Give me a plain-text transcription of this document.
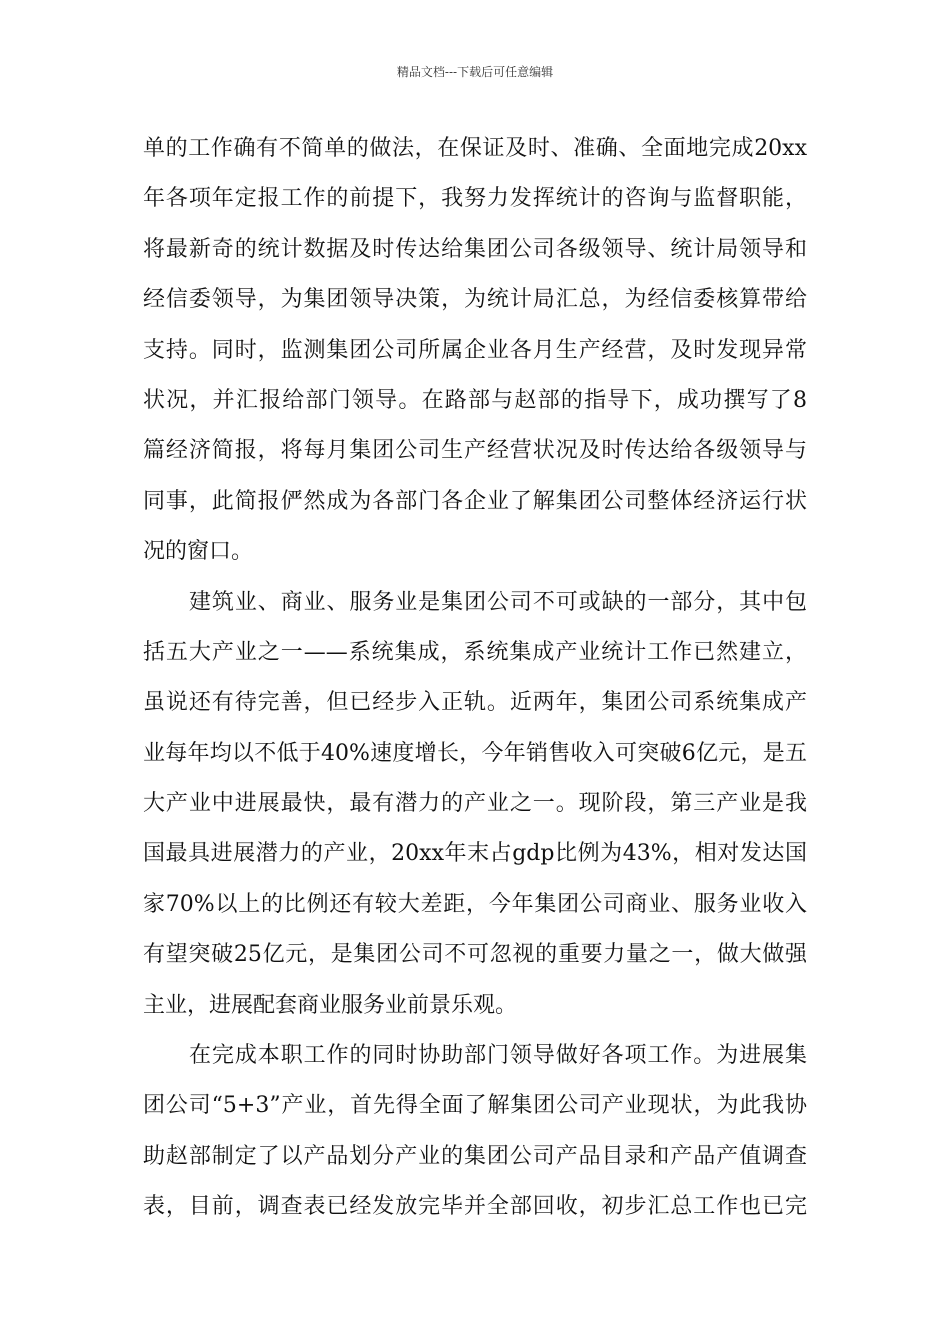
精品文档---下载后可任意编辑
单的工作确有不简单的做法，在保证及时、准确、全面地完成20xx
年各项年定报工作的前提下，我努力发挥统计的咨询与监督职能，
将最新奇的统计数据及时传达给集团公司各级领导、统计局领导和
经信委领导，为集团领导决策，为统计局汇总，为经信委核算带给
支持。同时，监测集团公司所属企业各月生产经营，及时发现异常
状况，并汇报给部门领导。在路部与赵部的指导下，成功撰写了8
篇经济简报，将每月集团公司生产经营状况及时传达给各级领导与
同事，此简报俨然成为各部门各企业了解集团公司整体经济运行状
况的窗口。
建筑业、商业、服务业是集团公司不可或缺的一部分，其中包
括五大产业之一——系统集成，系统集成产业统计工作已然建立，
虽说还有待完善，但已经步入正轨。近两年，集团公司系统集成产
业每年均以不低于40%速度增长，今年销售收入可突破6亿元，是五
大产业中进展最快，最有潜力的产业之一。现阶段，第三产业是我
国最具进展潜力的产业，20xx年末占gdp比例为43%，相对发达国
家70%以上的比例还有较大差距，今年集团公司商业、服务业收入
有望突破25亿元，是集团公司不可忽视的重要力量之一，做大做强
主业，进展配套商业服务业前景乐观。
在完成本职工作的同时协助部门领导做好各项工作。为进展集
团公司“5+3”产业，首先得全面了解集团公司产业现状，为此我协
助赵部制定了以产品划分产业的集团公司产品目录和产品产值调查
表，目前，调查表已经发放完毕并全部回收，初步汇总工作也已完
